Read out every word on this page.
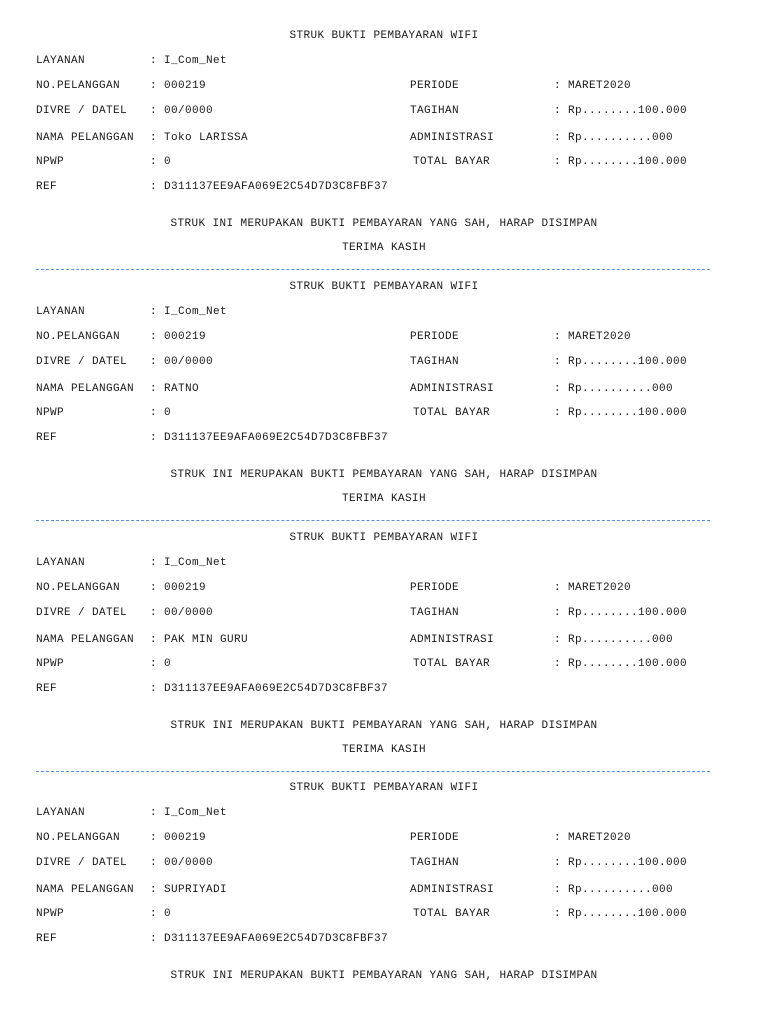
STRUK BUKTI PEMBAYARAN WIFI
LAYANAN	: I_Com_Net
NO.PELANGGAN	: 000219	PERIODE	: MARET2020
DIVRE / DATEL : 00/0000	TAGIHAN	: Rp........100.000
NAMA PELANGGAN : Toko LARISSA	ADMINISTRASI	: Rp..........000
NPWP	: 0	TOTAL BAYAR	: Rp........100.000
REF	: D311137EE9AFA069E2C54D7D3C8FBF37
STRUK INI MERUPAKAN BUKTI PEMBAYARAN YANG SAH, HARAP DISIMPAN
TERIMA KASIH
STRUK BUKTI PEMBAYARAN WIFI
LAYANAN	: I_Com_Net
NO.PELANGGAN	: 000219	PERIODE	: MARET2020
DIVRE / DATEL : 00/0000	TAGIHAN	: Rp........100.000
NAMA PELANGGAN : RATNO	ADMINISTRASI	: Rp..........000
NPWP	: 0	TOTAL BAYAR	: Rp........100.000
REF	: D311137EE9AFA069E2C54D7D3C8FBF37
STRUK INI MERUPAKAN BUKTI PEMBAYARAN YANG SAH, HARAP DISIMPAN
TERIMA KASIH
STRUK BUKTI PEMBAYARAN WIFI
LAYANAN	: I_Com_Net
NO.PELANGGAN	: 000219	PERIODE	: MARET2020
DIVRE / DATEL : 00/0000	TAGIHAN	: Rp........100.000
NAMA PELANGGAN : PAK MIN GURU	ADMINISTRASI	: Rp..........000
NPWP	: 0	TOTAL BAYAR	: Rp........100.000
REF	: D311137EE9AFA069E2C54D7D3C8FBF37
STRUK INI MERUPAKAN BUKTI PEMBAYARAN YANG SAH, HARAP DISIMPAN
TERIMA KASIH
STRUK BUKTI PEMBAYARAN WIFI
LAYANAN	: I_Com_Net
NO.PELANGGAN	: 000219	PERIODE	: MARET2020
DIVRE / DATEL : 00/0000	TAGIHAN	: Rp........100.000
NAMA PELANGGAN : SUPRIYADI	ADMINISTRASI	: Rp..........000
NPWP	: 0	TOTAL BAYAR	: Rp........100.000
REF	: D311137EE9AFA069E2C54D7D3C8FBF37
STRUK INI MERUPAKAN BUKTI PEMBAYARAN YANG SAH, HARAP DISIMPAN
